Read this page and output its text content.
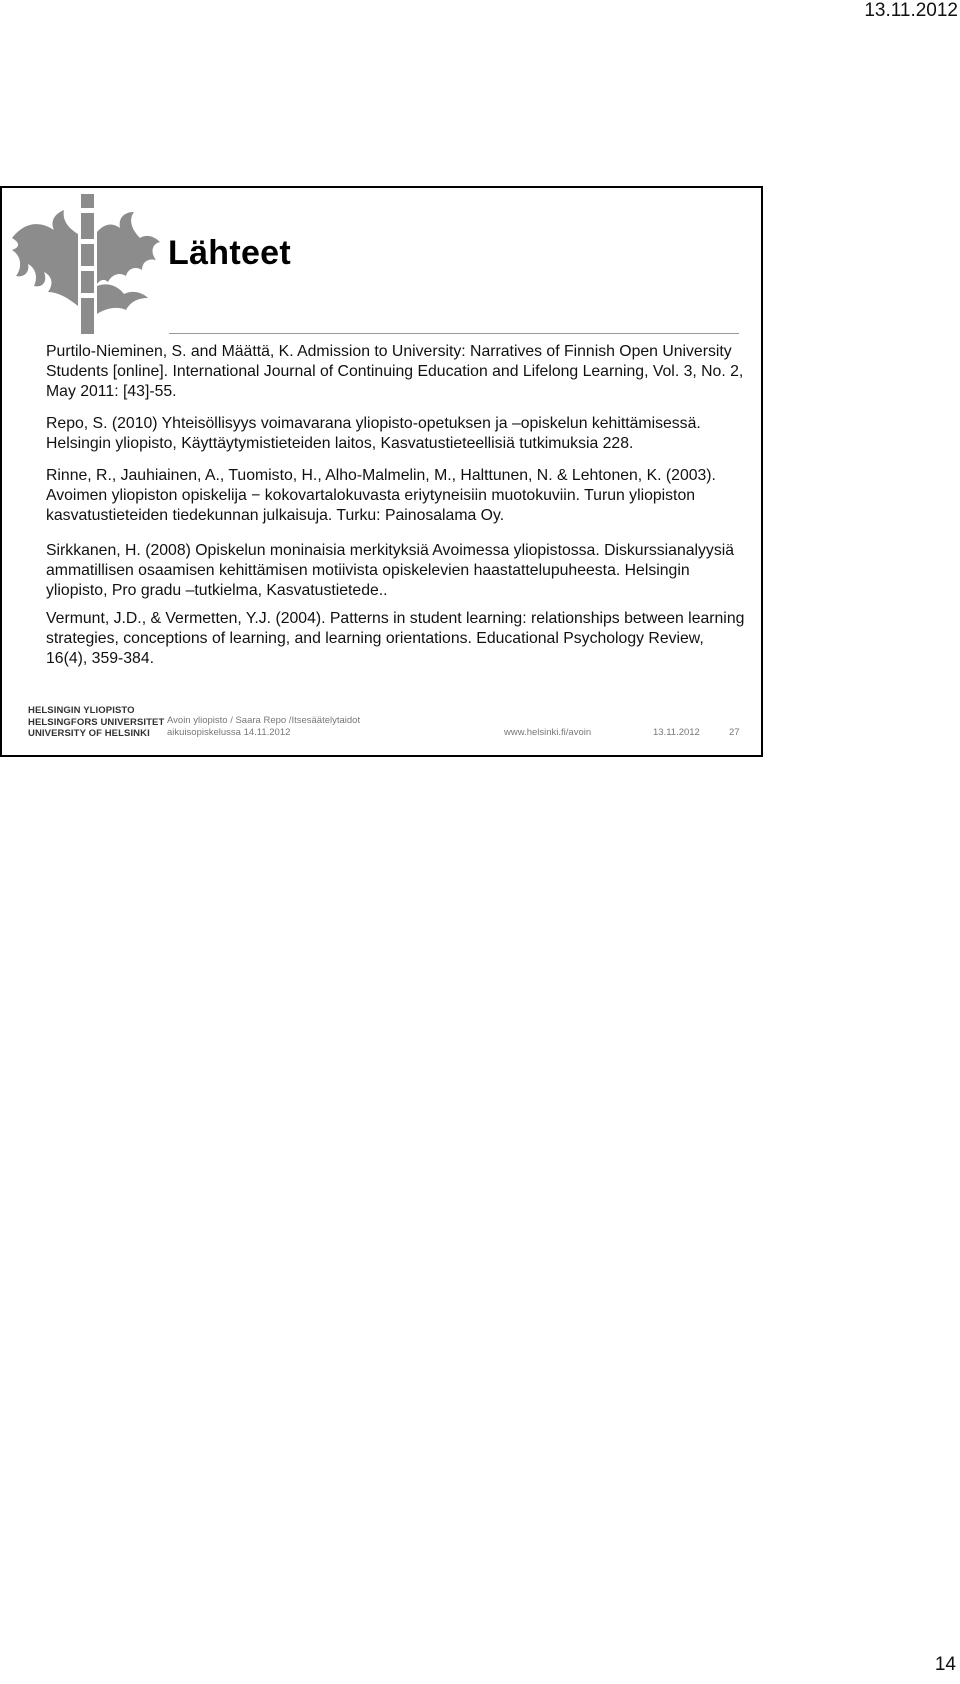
13.11.2012
Lähteet

Purtilo-Nieminen, S. and Määttä, K. Admission to University: Narratives of Finnish Open University Students [online]. International Journal of Continuing Education and Lifelong Learning, Vol. 3, No. 2, May 2011: [43]-55.

Repo, S. (2010) Yhteisöllisyys voimavarana yliopisto-opetuksen ja –opiskelun kehittämisessä. Helsingin yliopisto, Käyttäytymistieteiden laitos, Kasvatustieteellisiä tutkimuksia 228.

Rinne, R., Jauhiainen, A., Tuomisto, H., Alho-Malmelin, M., Halttunen, N. & Lehtonen, K. (2003). Avoimen yliopiston opiskelija − kokovartalokuvasta eriytyneisiin muotokuviin. Turun yliopiston kasvatustieteiden tiedekunnan julkaisuja. Turku: Painosalama Oy.

Sirkkanen, H. (2008) Opiskelun moninaisia merkityksiä Avoimessa yliopistossa. Diskurssianalyysiä ammatillisen osaamisen kehittämisen motiivista opiskelevien haastattelupuheesta. Helsingin yliopisto, Pro gradu –tutkielma, Kasvatustietede..

Vermunt, J.D., & Vermetten, Y.J. (2004). Patterns in student learning: relationships between learning strategies, conceptions of learning, and learning orientations. Educational Psychology Review, 16(4), 359-384.

HELSINGIN YLIOPISTO
HELSINGFORS UNIVERSITET
UNIVERSITY OF HELSINKI
Avoin yliopisto / Saara Repo /Itsesäätelytaidot
aikuisopiskelussa 14.11.2012	www.helsinki.fi/avoin	13.11.2012	27
14
